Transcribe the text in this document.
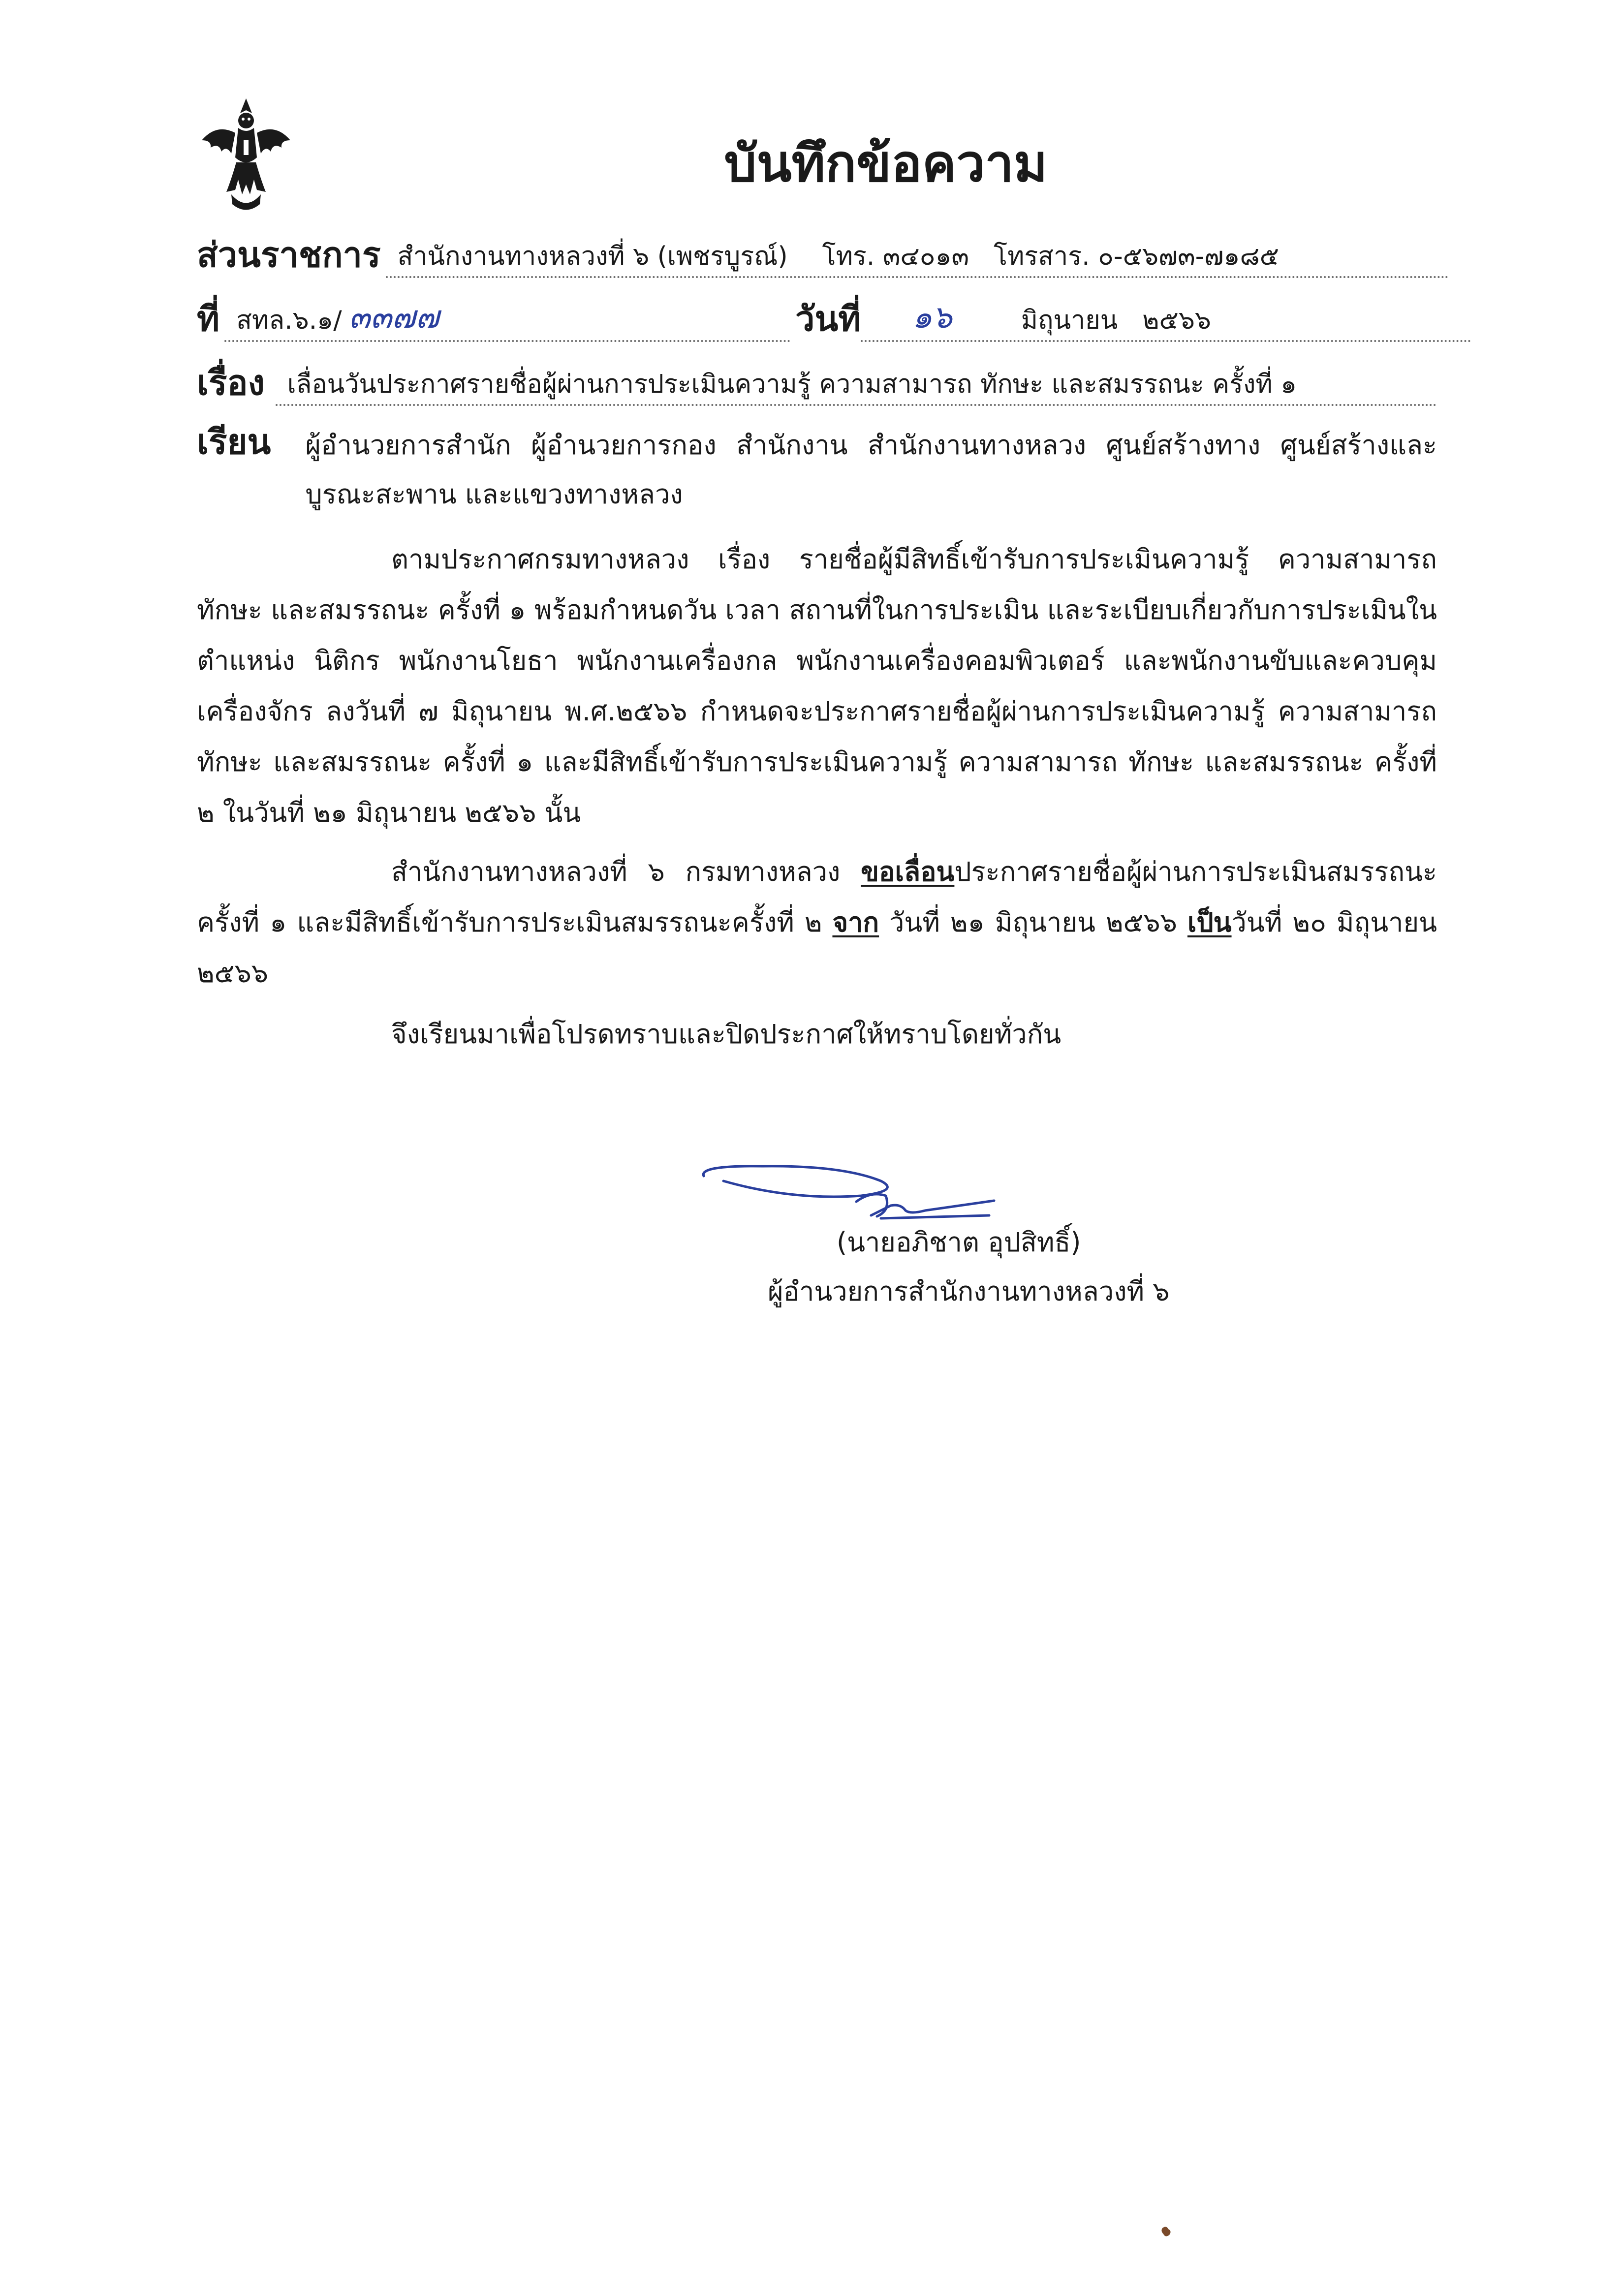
บันทึกข้อความ
ส่วนราชการ สำนักงานทางหลวงที่ ๖ (เพชรบูรณ์) โทร. ๓๔๐๑๓ โทรสาร. ๐-๕๖๗๓-๗๑๘๕
ที่ สทล.๖.๑/ ๓๓๗๗	วันที่ ๑๖	มิถุนายน ๒๕๖๖
เรื่อง เลื่อนวันประกาศรายชื่อผู้ผ่านการประเมินความรู้ ความสามารถ ทักษะ และสมรรถนะ ครั้งที่ ๑
เรียน	ผู้อำนวยการสำนัก ผู้อำนวยการกอง สำนักงาน สำนักงานทางหลวง ศูนย์สร้างทาง ศูนย์สร้างและบูรณะสะพาน และแขวงทางหลวง

ตามประกาศกรมทางหลวง เรื่อง รายชื่อผู้มีสิทธิ์เข้ารับการประเมินความรู้ ความสามารถ ทักษะ และสมรรถนะ ครั้งที่ ๑ พร้อมกำหนดวัน เวลา สถานที่ในการประเมิน และระเบียบเกี่ยวกับการประเมินในตำแหน่ง นิติกร พนักงานโยธา พนักงานเครื่องกล พนักงานเครื่องคอมพิวเตอร์ และพนักงานขับและควบคุมเครื่องจักร ลงวันที่ ๗ มิถุนายน พ.ศ.๒๕๖๖ กำหนดจะประกาศรายชื่อผู้ผ่านการประเมินความรู้ ความสามารถ ทักษะ และสมรรถนะ ครั้งที่ ๑ และมีสิทธิ์เข้ารับการประเมินความรู้ ความสามารถ ทักษะ และสมรรถนะ ครั้งที่ ๒ ในวันที่ ๒๑ มิถุนายน ๒๕๖๖ นั้น

สำนักงานทางหลวงที่ ๖ กรมทางหลวง ขอเลื่อนประกาศรายชื่อผู้ผ่านการประเมินสมรรถนะ ครั้งที่ ๑ และมีสิทธิ์เข้ารับการประเมินสมรรถนะครั้งที่ ๒ จาก วันที่ ๒๑ มิถุนายน ๒๕๖๖ เป็นวันที่ ๒๐ มิถุนายน ๒๕๖๖

จึงเรียนมาเพื่อโปรดทราบและปิดประกาศให้ทราบโดยทั่วกัน

(นายอภิชาต อุปสิทธิ์)
ผู้อำนวยการสำนักงานทางหลวงที่ ๖
